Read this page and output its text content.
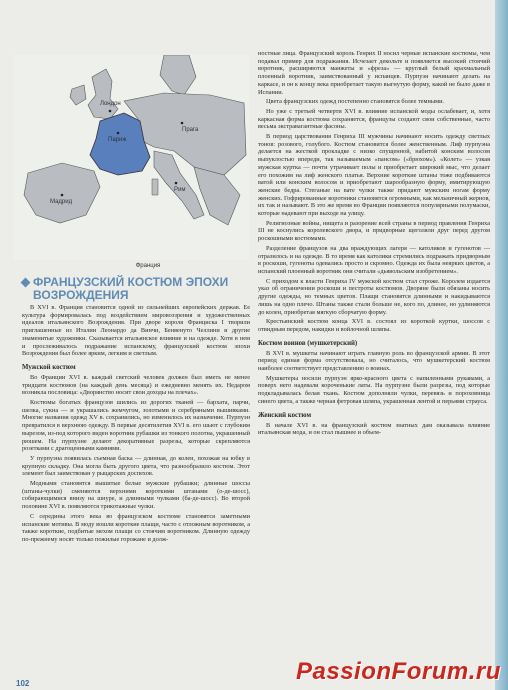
Лондон
Париж
Прага
Рим
Мадрид
Франция
ФРАНЦУЗСКИЙ КОСТЮМ ЭПОХИ ВОЗРОЖДЕНИЯ

В XVI в. Франция становится одной из сильнейших европейских держав. Ее культура формировалась под воздействием мировоззрения и художественных идеалов итальянского Возрождения. При дворе короля Франциска I творили приглашенные из Италии Леонардо да Винчи, Бенвенуто Челлини и другие знаменитые художники. Сказывается итальянское влияние и на одежде. Хотя в нем и прослеживалось подражание испанскому, французский костюм эпохи Возрождения был более ярким, легким и светлым.

Мужской костюм

Во Франции XVI в. каждый светский человек должен был иметь не менее тридцати костюмов (на каждый день месяца) и ежедневно менять их. Недаром возникла пословица: «Дворянство носит свои доходы на плечах».

Костюмы богатых французов шились из дорогих тканей — бархата, парчи, шелка, сукна — и украшались жемчугом, золотыми и серебряными вышивками. Многие названия одежд XV в. сохранились, но изменилось их назначение. Пурпуэн превратился в верхнюю одежду. В первые десятилетия XVI в. его шьют с глубоким вырезом, из-под которого виден воротник рубашки из тонкого полотна, украшенный рюшем. На пурпуэне делают декоративные разрезы, которые скрепляются розетками с драгоценными камнями.

У пурпуэна появилась съемная баска — длинная, до колен, похожая на юбку в крупную складку. Она могла быть другого цвета, что разнообразило костюм. Этот элемент был заимствован у рыцарских доспехов.

Модными становятся вышитые белые мужские рубашки; длинные шоссы (штаны-чулки) сменяются верхними короткими штанами (о-де-шосс), собирающимися внизу на шнуре, и длинными чулками (ба-де-шосс). Во второй половине XVI в. появляются трикотажные чулки.

С середины этого века во французском костюме становятся заметными испанские мотивы. В моду вошли короткие плащи, часто с отложным воротником, а также короткие, подбитые мехом плащи со стоячим воротником. Длинную одежду по-прежнему носят только пожилые горожане и долж-

ностные лица. Французский король Генрих II носил черные испанские костюмы, чем подавал пример для подражания. Исчезает декольте и появляется высокий стоячий воротник, расширяются манжеты и «фреза» — круглый белый крахмальный плоенный воротник, заимствованный у испанцев. Пурпуэн начинают делать на каркасе, и он к концу века приобретает такую выгнутую форму, какой не было даже в Испании.

Цвета французских одежд постепенно становятся более темными.

Но уже с третьей четверти XVI в. влияние испанской моды ослабевает, и, хотя каркасная форма костюма сохраняется, французы создают свои собственные, часто весьма экстравагантные фасоны.

В период царствования Генриха III мужчины начинают носить одежду светлых тонов: розового, голубого. Костюм становится более женственным. Лиф пурпуэна делается на жесткой прокладке с низко спущенной, набитой конским волосом выпуклостью впереди, так называемым «пансом» («брюхом»). «Колет» — узкая мужская куртка — почти утрачивает полы и приобретает широкий мыс, что делает его похожим на лиф женского платья. Верхние короткие штаны тоже подбиваются ватой или конским волосом и приобретают шарообразную форму, имитирующую женские бедра. Стеганые на вате чулки также придают мужским ногам форму женских. Гофрированные воротники становятся огромными, как мельничный жернов, их так и называют. В это же время во Франции появляются популярными полумаски, которые надевают при выходе на улицу.

Религиозные войны, нищета и разорение всей страны в период правления Генриха III не коснулись королевского двора, и придворные щеголяли друг перед другом роскошными костюмами.

Разделение французов на два враждующих лагеря — католиков и гугенотов — отразилось и на одежде. В то время как католики стремились подражать придворным в роскоши, гугеноты одевались просто и скромно. Одежда их была неярких цветов, а испанский плоенный воротник они считали «дьявольским изобретением».

С приходом к власти Генриха IV мужской костюм стал строже. Королем издается указ об ограничении роскоши и пестроты костюмов. Дворяне были обязаны носить другие одежды, но темных цветов. Плащи становятся длинными и накидываются лишь на одно плечо. Штаны также стали больше не, кого по, длинее, но удлиняются до колен, приобретая мягкую сборчатую форму.

Крестьянский костюм конца XVI в. состоял из короткой куртки, шоссов с отвидным передом, накидки и войлочной шляпы.

Костюм воинов (мушкетерский)

В XVI в. мушкеты начинают играть главную роль во французской армии. В этот период единая форма отсутствовала, но считалось, что мушкетерский костюм наиболее соответствует представлению о воинах.

Мушкетеры носили пурпуэн ярко-красного цвета с напиленными рукавами, а поверх него надевали короченькие латы. На пурпуэне были разрезы, под которые подкладывалась белая ткань. Костюм дополняли чулки, перевязь и пороховница синего цвета, а также черная фетровая шляпа, украшенная лентой и перьями страуса.

Женский костюм

В начале XVI в. на французский костюм знатных дам оказывала влияние итальянская мода, и он стал пышнее и объем-

102	PassionForum.ru
